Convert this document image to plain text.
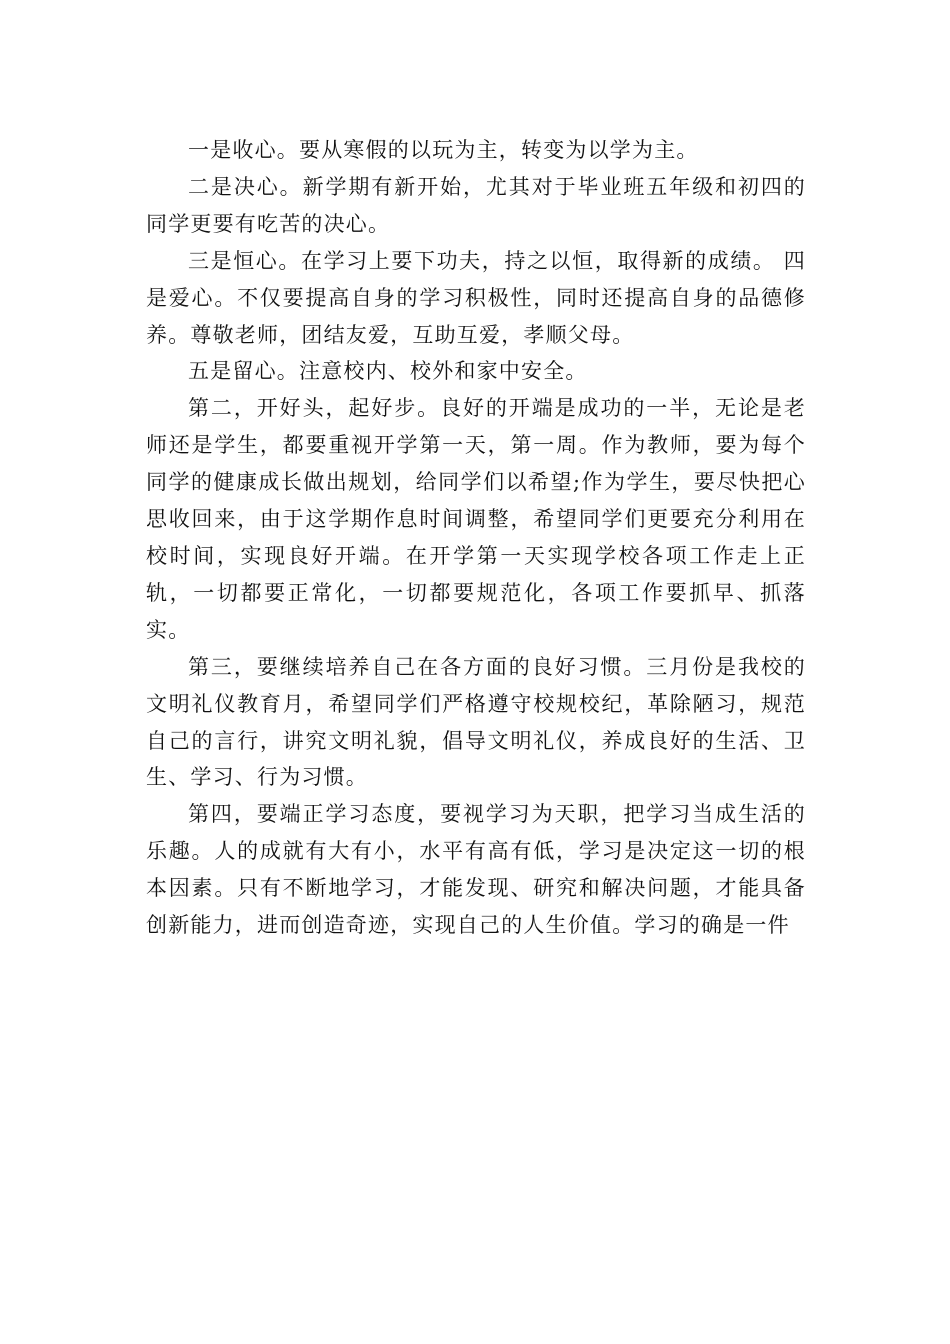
一是收心。要从寒假的以玩为主，转变为以学为主。

二是决心。新学期有新开始，尤其对于毕业班五年级和初四的同学更要有吃苦的决心。

三是恒心。在学习上要下功夫，持之以恒，取得新的成绩。 四是爱心。不仅要提高自身的学习积极性，同时还提高自身的品德修养。尊敬老师，团结友爱，互助互爱，孝顺父母。

五是留心。注意校内、校外和家中安全。

第二，开好头，起好步。良好的开端是成功的一半，无论是老师还是学生，都要重视开学第一天，第一周。作为教师，要为每个同学的健康成长做出规划，给同学们以希望;作为学生，要尽快把心思收回来，由于这学期作息时间调整，希望同学们更要充分利用在校时间，实现良好开端。在开学第一天实现学校各项工作走上正轨，一切都要正常化，一切都要规范化，各项工作要抓早、抓落实。

第三，要继续培养自己在各方面的良好习惯。三月份是我校的文明礼仪教育月，希望同学们严格遵守校规校纪，革除陋习，规范自己的言行，讲究文明礼貌，倡导文明礼仪，养成良好的生活、卫生、学习、行为习惯。

第四，要端正学习态度，要视学习为天职，把学习当成生活的乐趣。人的成就有大有小，水平有高有低，学习是决定这一切的根本因素。只有不断地学习，才能发现、研究和解决问题，才能具备创新能力，进而创造奇迹，实现自己的人生价值。学习的确是一件
